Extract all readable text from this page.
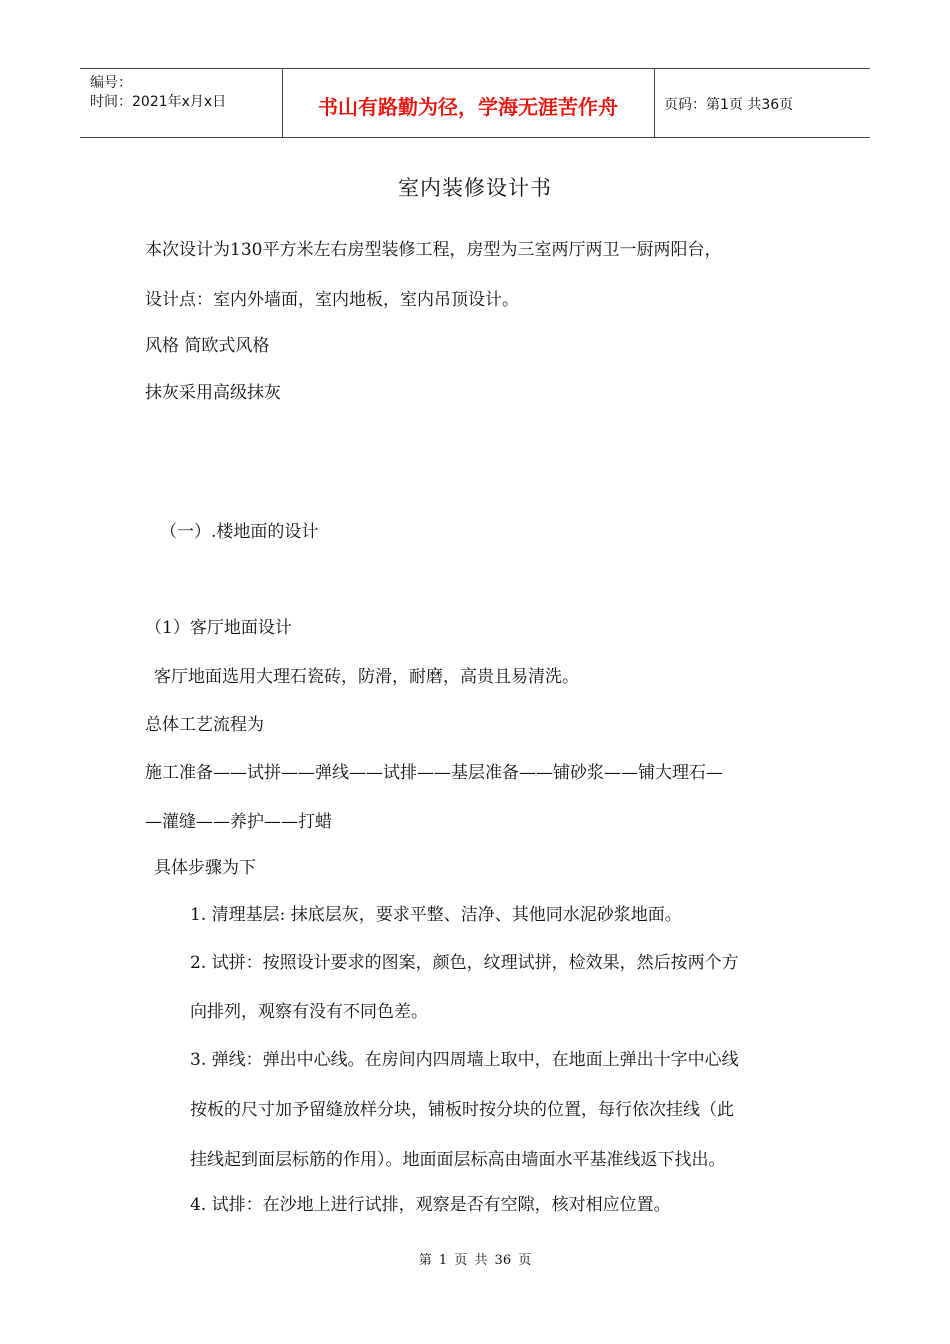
编号：
时间：2021年x月x日	书山有路勤为径，学海无涯苦作舟	页码：第1页 共36页
室内装修设计书
本次设计为130平方米左右房型装修工程，房型为三室两厅两卫一厨两阳台，
设计点：室内外墙面，室内地板，室内吊顶设计。
风格 简欧式风格
抹灰采用高级抹灰
（一）.楼地面的设计
（1）客厅地面设计
客厅地面选用大理石瓷砖，防滑，耐磨，高贵且易清洗。
总体工艺流程为
施工准备——试拼——弹线——试排——基层准备——铺砂浆——铺大理石—
—灌缝——养护——打蜡
具体步骤为下
1. 清理基层: 抹底层灰，要求平整、洁净、其他同水泥砂浆地面。
2. 试拼：按照设计要求的图案，颜色，纹理试拼，检效果，然后按两个方
向排列，观察有没有不同色差。
3. 弹线：弹出中心线。在房间内四周墙上取中，在地面上弹出十字中心线
按板的尺寸加予留缝放样分块，铺板时按分块的位置，每行依次挂线（此
挂线起到面层标筋的作用）。地面面层标高由墙面水平基准线返下找出。
4. 试排：在沙地上进行试排，观察是否有空隙，核对相应位置。
第 1 页 共 36 页
